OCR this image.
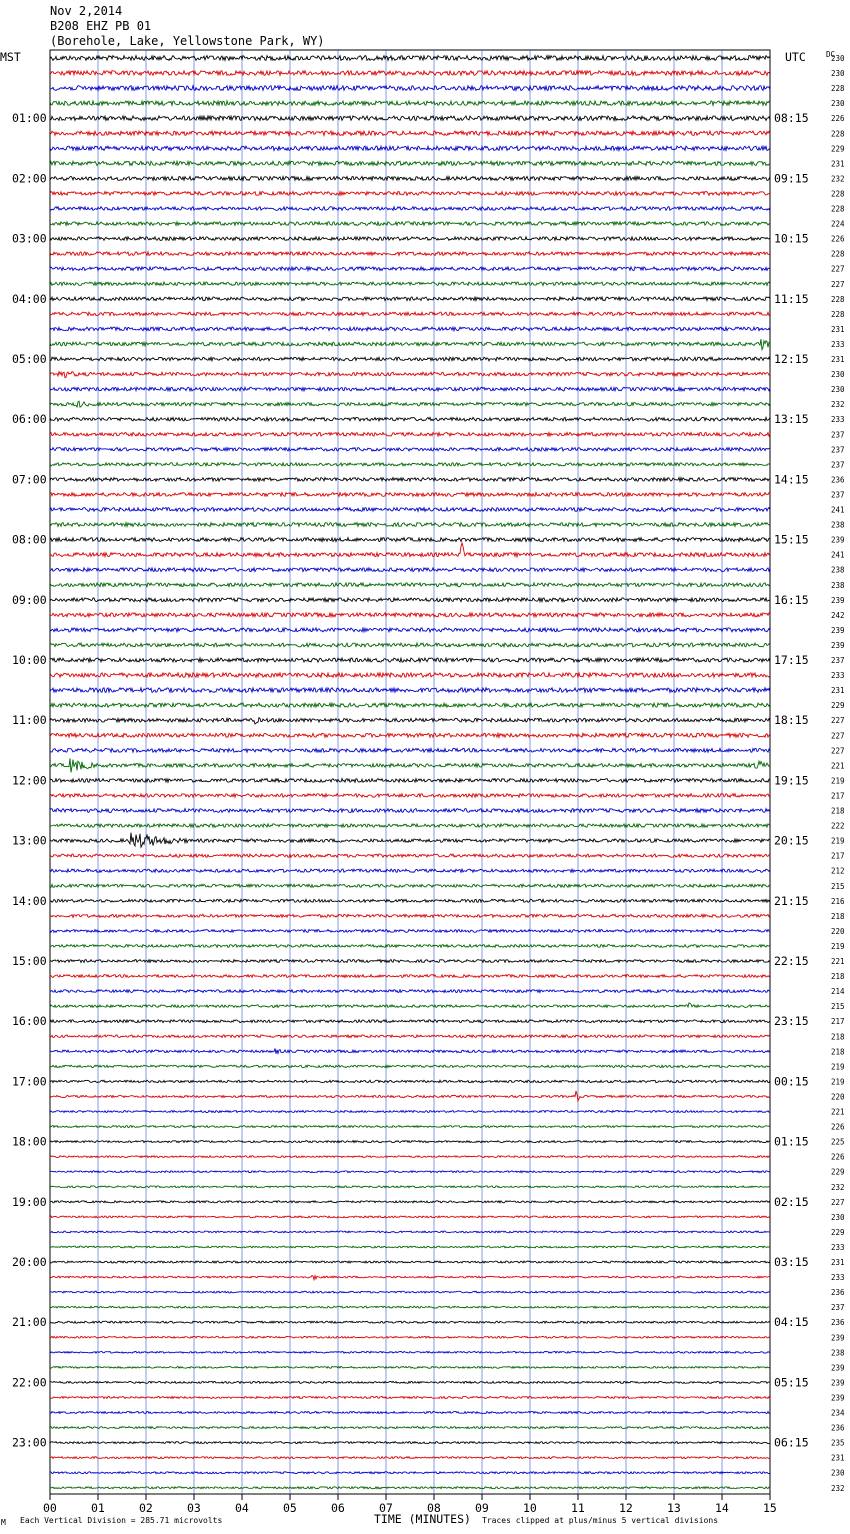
Nov 2,2014
B208 EHZ PB 01
(Borehole, Lake, Yellowstone Park, WY)
00	01	02	03	04	05	06	07	08	09	10	11	12	13	14	15
01:00
02:00
03:00
04:00
05:00
06:00
07:00
08:00
09:00
10:00
11:00
12:00
13:00
14:00
15:00
16:00
17:00
18:00
19:00
20:00
21:00
22:00
23:00
08:15
09:15
10:15
11:15
12:15
13:15
14:15
15:15
16:15
17:15
18:15
19:15
20:15
21:15
22:15
23:15
00:15
01:15
02:15
03:15
04:15
05:15
06:15
230
230
228
230
226
228
229
231
232
228
228
224
226
228
227
227
228
228
231
233
231
230
230
232
233
237
237
237
236
237
241
238
239
241
238
238
239
242
239
239
237
233
231
229
227
227
227
221
219
217
218
222
219
217
212
215
216
218
220
219
221
218
214
215
217
218
218
219
219
220
221
226
225
226
229
232
227
230
229
233
231
233
236
237
236
239
238
239
239
239
234
236
235
231
230
232
MST	UTC	DC
M Each Vertical Division = 285.71 microvolts	TIME (MINUTES) Traces clipped at plus/minus 5 vertical divisions
